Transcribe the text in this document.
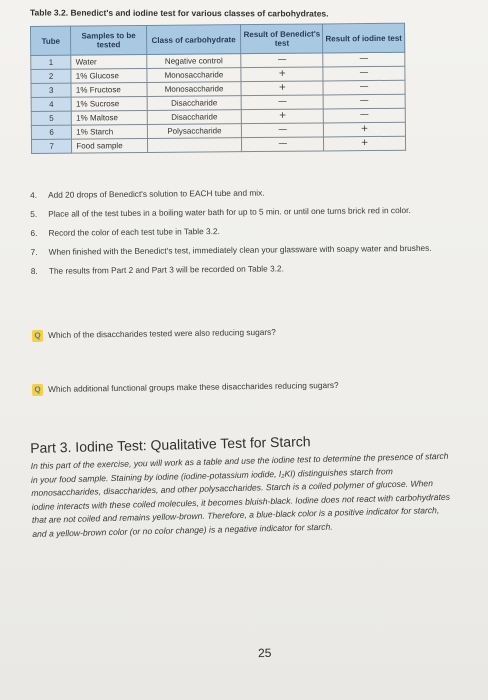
Table 3.2. Benedict's and iodine test for various classes of carbohydrates.
Tube	Samples to be tested	Class of carbohydrate	Result of Benedict's test	Result of iodine test
1	Water	Negative control	—	—
2	1% Glucose	Monosaccharide	+	—
3	1% Fructose	Monosaccharide	+	—
4	1% Sucrose	Disaccharide	—	—
5	1% Maltose	Disaccharide	+	—
6	1% Starch	Polysaccharide	—	+
7	Food sample		—	+
4. Add 20 drops of Benedict's solution to EACH tube and mix.
5. Place all of the test tubes in a boiling water bath for up to 5 min. or until one turns brick red in color.
6. Record the color of each test tube in Table 3.2.
7. When finished with the Benedict's test, immediately clean your glassware with soapy water and brushes.
8. The results from Part 2 and Part 3 will be recorded on Table 3.2.
Q Which of the disaccharides tested were also reducing sugars?
Q Which additional functional groups make these disaccharides reducing sugars?
Part 3. Iodine Test: Qualitative Test for Starch

In this part of the exercise, you will work as a table and use the iodine test to determine the presence of starch in your food sample. Staining by iodine (iodine-potassium iodide, I₂KI) distinguishes starch from monosaccharides, disaccharides, and other polysaccharides. Starch is a coiled polymer of glucose. When iodine interacts with these coiled molecules, it becomes bluish-black. Iodine does not react with carbohydrates that are not coiled and remains yellow-brown. Therefore, a blue-black color is a positive indicator for starch, and a yellow-brown color (or no color change) is a negative indicator for starch.

25
